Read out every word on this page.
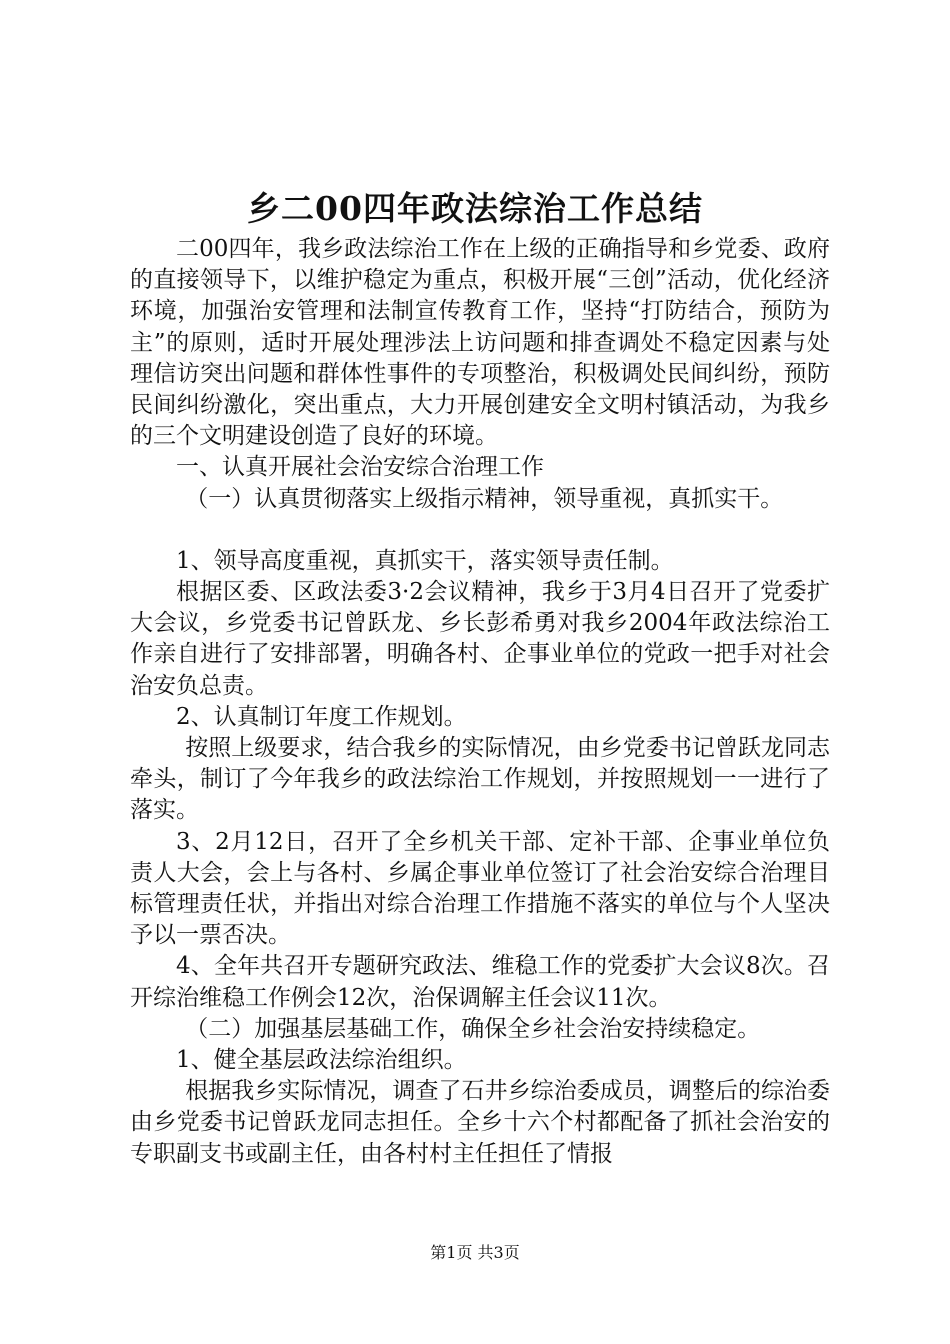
乡二00四年政法综治工作总结

二00四年，我乡政法综治工作在上级的正确指导和乡党委、政府的直接领导下，以维护稳定为重点，积极开展“三创”活动，优化经济环境，加强治安管理和法制宣传教育工作，坚持“打防结合，预防为主”的原则，适时开展处理涉法上访问题和排查调处不稳定因素与处理信访突出问题和群体性事件的专项整治，积极调处民间纠纷，预防民间纠纷激化，突出重点，大力开展创建安全文明村镇活动，为我乡的三个文明建设创造了良好的环境。

一、认真开展社会治安综合治理工作

（一）认真贯彻落实上级指示精神，领导重视，真抓实干。

1、领导高度重视，真抓实干，落实领导责任制。

根据区委、区政法委3·2会议精神，我乡于3月4日召开了党委扩大会议，乡党委书记曾跃龙、乡长彭希勇对我乡2004年政法综治工作亲自进行了安排部署，明确各村、企事业单位的党政一把手对社会治安负总责。

2、认真制订年度工作规划。

按照上级要求，结合我乡的实际情况，由乡党委书记曾跃龙同志牵头，制订了今年我乡的政法综治工作规划，并按照规划一一进行了落实。

3、2月12日，召开了全乡机关干部、定补干部、企事业单位负责人大会，会上与各村、乡属企事业单位签订了社会治安综合治理目标管理责任状，并指出对综合治理工作措施不落实的单位与个人坚决予以一票否决。

4、全年共召开专题研究政法、维稳工作的党委扩大会议8次。召开综治维稳工作例会12次，治保调解主任会议11次。

（二）加强基层基础工作，确保全乡社会治安持续稳定。

1、健全基层政法综治组织。

根据我乡实际情况，调查了石井乡综治委成员，调整后的综治委由乡党委书记曾跃龙同志担任。全乡十六个村都配备了抓社会治安的专职副支书或副主任，由各村村主任担任了情报

第1页 共3页
